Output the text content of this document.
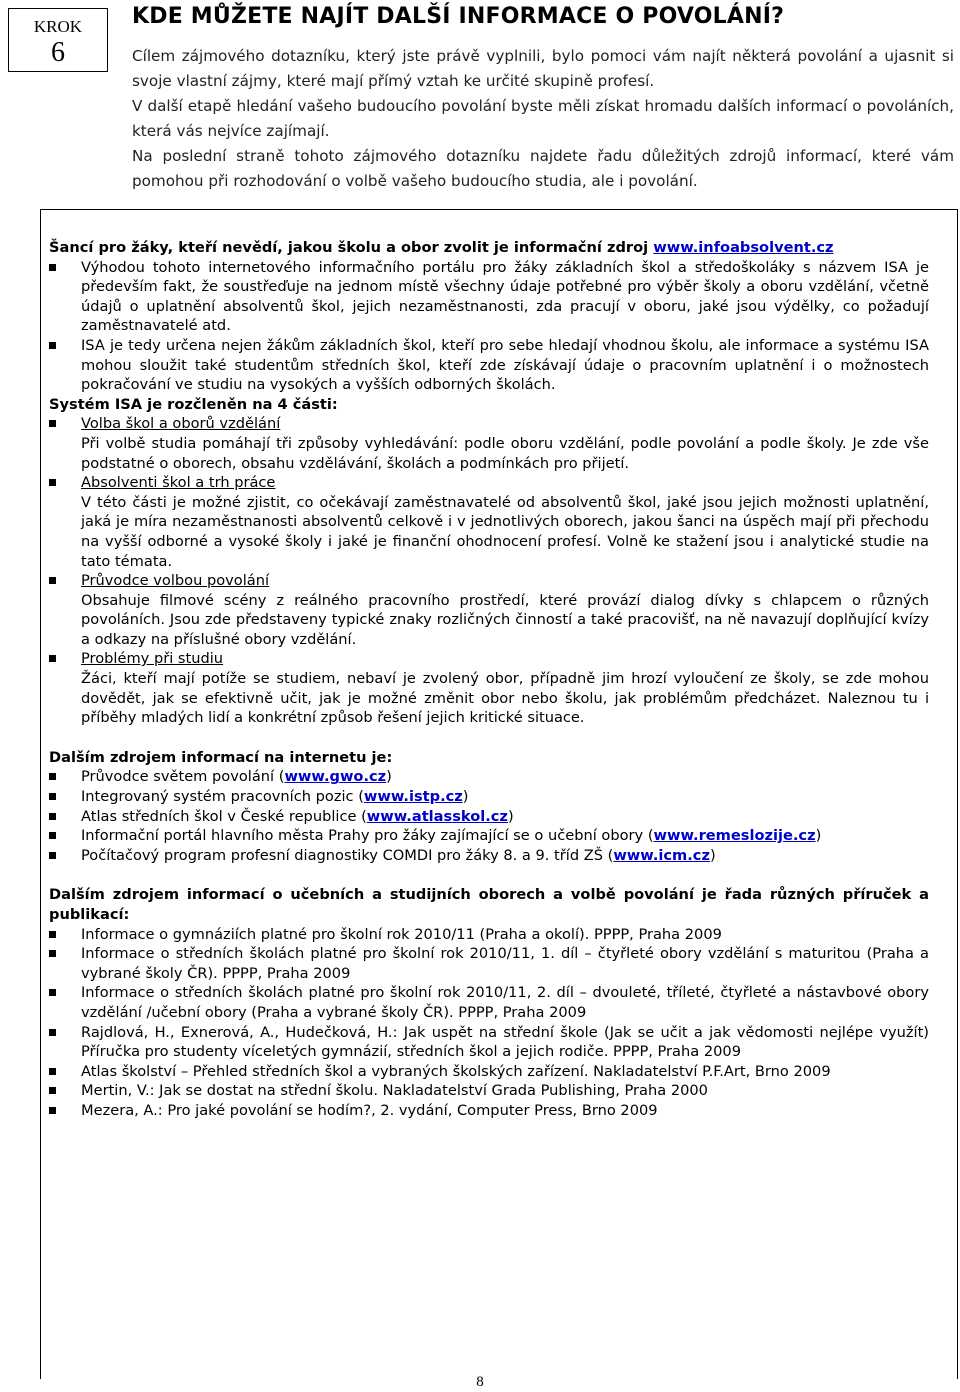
KROK
6
KDE MŮŽETE NAJÍT DALŠÍ INFORMACE O POVOLÁNÍ?

Cílem zájmového dotazníku, který jste právě vyplnili, bylo pomoci vám najít některá povolání a ujasnit si svoje vlastní zájmy, které mají přímý vztah ke určité skupině profesí.

V další etapě hledání vašeho budoucího povolání byste měli získat hromadu dalších informací o povoláních, která vás nejvíce zajímají.

Na poslední straně tohoto zájmového dotazníku najdete řadu důležitých zdrojů informací, které vám pomohou při rozhodování o volbě vašeho budoucího studia, ale i povolání.

Šancí pro žáky, kteří nevědí, jakou školu a obor zvolit je informační zdroj www.infoabsolvent.cz

Výhodou tohoto internetového informačního portálu pro žáky základních škol a středoškoláky s názvem ISA je především fakt, že soustřeďuje na jednom místě všechny údaje potřebné pro výběr školy a oboru vzdělání, včetně údajů o uplatnění absolventů škol, jejich nezaměstnanosti, zda pracují v oboru, jaké jsou výdělky, co požadují zaměstnavatelé atd.

ISA je tedy určena nejen žákům základních škol, kteří pro sebe hledají vhodnou školu, ale informace a systému ISA mohou sloužit také studentům středních škol, kteří zde získávají údaje o pracovním uplatnění i o možnostech pokračování ve studiu na vysokých a vyšších odborných školách.

Systém ISA je rozčleněn na 4 části:

Volba škol a oborů vzdělání

Při volbě studia pomáhají tři způsoby vyhledávání: podle oboru vzdělání, podle povolání a podle školy. Je zde vše podstatné o oborech, obsahu vzdělávání, školách a podmínkách pro přijetí.

Absolventi škol a trh práce

V této části je možné zjistit, co očekávají zaměstnavatelé od absolventů škol, jaké jsou jejich možnosti uplatnění, jaká je míra nezaměstnanosti absolventů celkově i v jednotlivých oborech, jakou šanci na úspěch mají při přechodu na vyšší odborné a vysoké školy i jaké je finanční ohodnocení profesí. Volně ke stažení jsou i analytické studie na tato témata.

Průvodce volbou povolání

Obsahuje filmové scény z reálného pracovního prostředí, které provází dialog dívky s chlapcem o různých povoláních. Jsou zde představeny typické znaky rozličných činností a také pracovišť, na ně navazují doplňující kvízy a odkazy na příslušné obory vzdělání.

Problémy při studiu

Žáci, kteří mají potíže se studiem, nebaví je zvolený obor, případně jim hrozí vyloučení ze školy, se zde mohou dovědět, jak se efektivně učit, jak je možné změnit obor nebo školu, jak problémům předcházet. Naleznou tu i příběhy mladých lidí a konkrétní způsob řešení jejich kritické situace.

Dalším zdrojem informací na internetu je:

Průvodce světem povolání (www.gwo.cz)

Integrovaný systém pracovních pozic (www.istp.cz)

Atlas středních škol v České republice (www.atlasskol.cz)

Informační portál hlavního města Prahy pro žáky zajímající se o učební obory (www.remeslozije.cz)

Počítačový program profesní diagnostiky COMDI pro žáky 8. a 9. tříd ZŠ (www.icm.cz)

Dalším zdrojem informací o učebních a studijních oborech a volbě povolání je řada různých příruček a publikací:

Informace o gymnáziích platné pro školní rok 2010/11 (Praha a okolí). PPPP, Praha 2009

Informace o středních školách platné pro školní rok 2010/11, 1. díl – čtyřleté obory vzdělání s maturitou (Praha a vybrané školy ČR). PPPP, Praha 2009

Informace o středních školách platné pro školní rok 2010/11, 2. díl – dvouleté, tříleté, čtyřleté a nástavbové obory vzdělání /učební obory (Praha a vybrané školy ČR). PPPP, Praha 2009

Rajdlová, H., Exnerová, A., Hudečková, H.: Jak uspět na střední škole (Jak se učit a jak vědomosti nejlépe využít) Příručka pro studenty víceletých gymnázií, středních škol a jejich rodiče. PPPP, Praha 2009

Atlas školství – Přehled středních škol a vybraných školských zařízení. Nakladatelství P.F.Art, Brno 2009

Mertin, V.: Jak se dostat na střední školu. Nakladatelství Grada Publishing, Praha 2000

Mezera, A.: Pro jaké povolání se hodím?, 2. vydání, Computer Press, Brno 2009

8
